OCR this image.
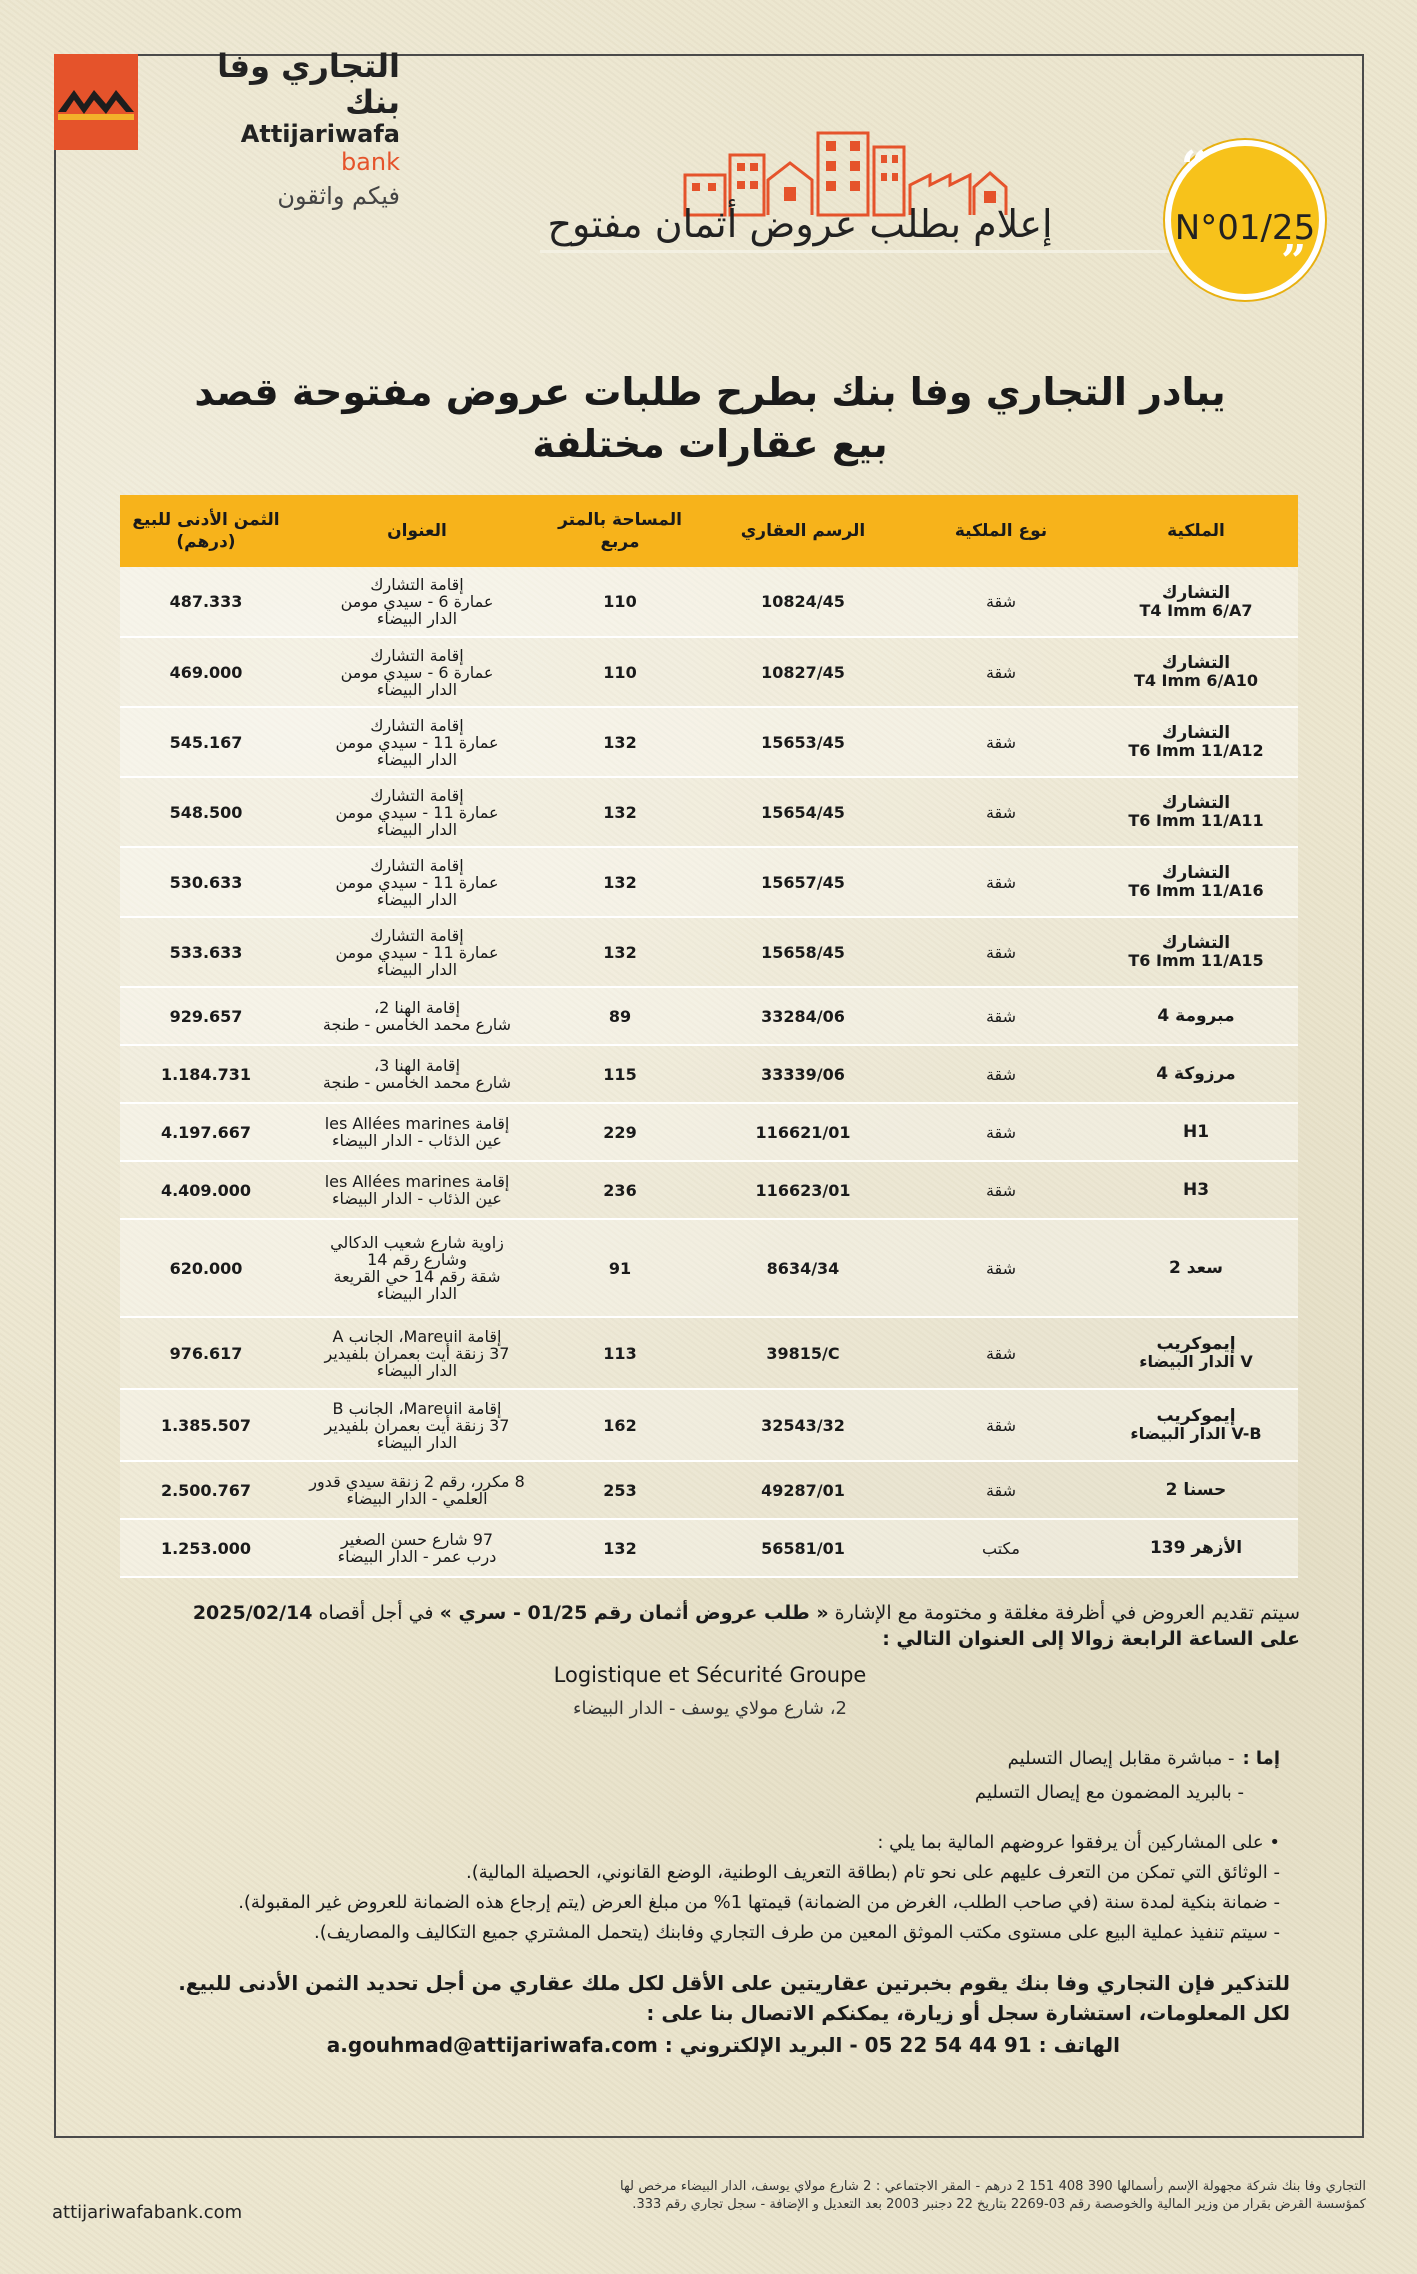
التجاري وفا بنك
Attijariwafa bank
فيكم واثقون
إعلام بطلب عروض أثمان مفتوح
“
N°01/25
”
يبادر التجاري وفا بنك بطرح طلبات عروض مفتوحة قصد بيع عقارات مختلفة
الملكية	نوع الملكية	الرسم العقاري	المساحة بالمتر مربع	العنوان	الثمن الأدنى للبيع (درهم)
التشارك
T4 Imm 6/A7	شقة	10824/45	110	إقامة التشارك
عمارة 6 - سيدي مومن
الدار البيضاء	487.333
التشارك
T4 Imm 6/A10	شقة	10827/45	110	إقامة التشارك
عمارة 6 - سيدي مومن
الدار البيضاء	469.000
التشارك
T6 Imm 11/A12	شقة	15653/45	132	إقامة التشارك
عمارة 11 - سيدي مومن
الدار البيضاء	545.167
التشارك
T6 Imm 11/A11	شقة	15654/45	132	إقامة التشارك
عمارة 11 - سيدي مومن
الدار البيضاء	548.500
التشارك
T6 Imm 11/A16	شقة	15657/45	132	إقامة التشارك
عمارة 11 - سيدي مومن
الدار البيضاء	530.633
التشارك
T6 Imm 11/A15	شقة	15658/45	132	إقامة التشارك
عمارة 11 - سيدي مومن
الدار البيضاء	533.633
مبرومة 4	شقة	33284/06	89	إقامة الهنا 2،
شارع محمد الخامس - طنجة	929.657
مرزوكة 4	شقة	33339/06	115	إقامة الهنا 3،
شارع محمد الخامس - طنجة	1.184.731
H1	شقة	116621/01	229	إقامة les Allées marines
عين الذئاب - الدار البيضاء	4.197.667
H3	شقة	116623/01	236	إقامة les Allées marines
عين الذئاب - الدار البيضاء	4.409.000
سعد 2	شقة	8634/34	91	زاوية شارع شعيب الدكالي
وشارع رقم 14
شقة رقم 14 حي القريعة
الدار البيضاء	620.000
إيموكريب
الدار البيضاء V	شقة	39815/C	113	إقامة Mareuil، الجانب A
37 زنقة أيت بعمران بلفيدير
الدار البيضاء	976.617
إيموكريب
الدار البيضاء V-B	شقة	32543/32	162	إقامة Mareuil، الجانب B
37 زنقة أيت بعمران بلفيدير
الدار البيضاء	1.385.507
حسنا 2	شقة	49287/01	253	8 مكرر، رقم 2 زنقة سيدي قدور
العلمي - الدار البيضاء	2.500.767
الأزهر 139	مكتب	56581/01	132	97 شارع حسن الصغير
درب عمر - الدار البيضاء	1.253.000
سيتم تقديم العروض في أظرفة مغلقة و مختومة مع الإشارة « طلب عروض أثمان رقم 01/25 - سري » في أجل أقصاه 2025/02/14
على الساعة الرابعة زوالا إلى العنوان التالي :
Logistique et Sécurité Groupe
2، شارع مولاي يوسف - الدار البيضاء
إما :- مباشرة مقابل إيصال التسليم
- بالبريد المضمون مع إيصال التسليم
• على المشاركين أن يرفقوا عروضهم المالية بما يلي :
- الوثائق التي تمكن من التعرف عليهم على نحو تام (بطاقة التعريف الوطنية، الوضع القانوني، الحصيلة المالية).
- ضمانة بنكية لمدة سنة (في صاحب الطلب، الغرض من الضمانة) قيمتها 1% من مبلغ العرض (يتم إرجاع هذه الضمانة للعروض غير المقبولة).
- سيتم تنفيذ عملية البيع على مستوى مكتب الموثق المعين من طرف التجاري وفابنك (يتحمل المشتري جميع التكاليف والمصاريف).
للتذكير فإن التجاري وفا بنك يقوم بخبرتين عقاريتين على الأقل لكل ملك عقاري من أجل تحديد الثمن الأدنى للبيع.
لكل المعلومات، استشارة سجل أو زيارة، يمكنكم الاتصال بنا على :
الهاتف : 05 22 54 44 91 - البريد الإلكتروني : a.gouhmad@attijariwafa.com
attijariwafabank.com
التجاري وفا بنك شركة مجهولة الإسم رأسمالها 390 408 151 2 درهم - المقر الاجتماعي : 2 شارع مولاي يوسف، الدار البيضاء مرخص لها كمؤسسة القرض بقرار من وزير المالية والخوصصة رقم 03-2269 بتاريخ 22 دجنبر 2003 بعد التعديل و الإضافة - سجل تجاري رقم 333.
